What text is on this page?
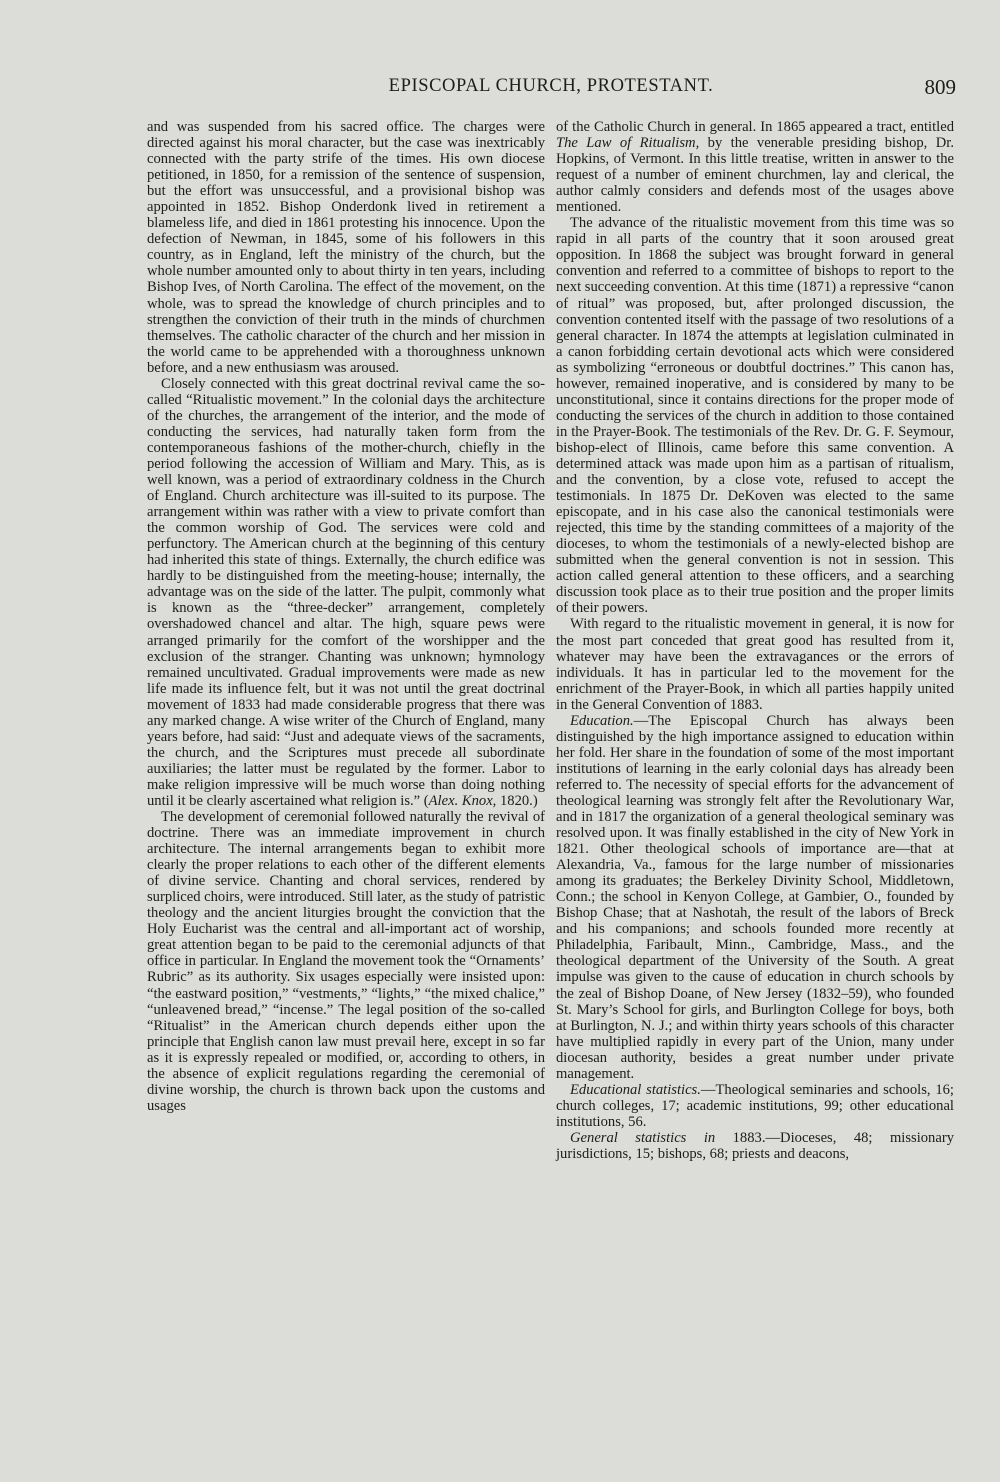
EPISCOPAL CHURCH, PROTESTANT.	809

and was suspended from his sacred office. The charges were directed against his moral character, but the case was inextricably connected with the party strife of the times. His own diocese petitioned, in 1850, for a remission of the sentence of suspension, but the effort was unsuccessful, and a provisional bishop was appointed in 1852. Bishop Onderdonk lived in retirement a blameless life, and died in 1861 protesting his innocence. Upon the defection of Newman, in 1845, some of his followers in this country, as in England, left the ministry of the church, but the whole number amounted only to about thirty in ten years, including Bishop Ives, of North Carolina. The effect of the movement, on the whole, was to spread the knowledge of church principles and to strengthen the conviction of their truth in the minds of churchmen themselves. The catholic character of the church and her mission in the world came to be apprehended with a thoroughness unknown before, and a new enthusiasm was aroused.

Closely connected with this great doctrinal revival came the so-called “Ritualistic movement.” In the colonial days the architecture of the churches, the arrangement of the interior, and the mode of conducting the services, had naturally taken form from the contemporaneous fashions of the mother-church, chiefly in the period following the accession of William and Mary. This, as is well known, was a period of extraordinary coldness in the Church of England. Church architecture was ill-suited to its purpose. The arrangement within was rather with a view to private comfort than the common worship of God. The services were cold and perfunctory. The American church at the beginning of this century had inherited this state of things. Externally, the church edifice was hardly to be distinguished from the meeting-house; internally, the advantage was on the side of the latter. The pulpit, commonly what is known as the “three-decker” arrangement, completely overshadowed chancel and altar. The high, square pews were arranged primarily for the comfort of the worshipper and the exclusion of the stranger. Chanting was unknown; hymnology remained uncultivated. Gradual improvements were made as new life made its influence felt, but it was not until the great doctrinal movement of 1833 had made considerable progress that there was any marked change. A wise writer of the Church of England, many years before, had said: “Just and adequate views of the sacraments, the church, and the Scriptures must precede all subordinate auxiliaries; the latter must be regulated by the former. Labor to make religion impressive will be much worse than doing nothing until it be clearly ascertained what religion is.” (Alex. Knox, 1820.)

The development of ceremonial followed naturally the revival of doctrine. There was an immediate improvement in church architecture. The internal arrangements began to exhibit more clearly the proper relations to each other of the different elements of divine service. Chanting and choral services, rendered by surpliced choirs, were introduced. Still later, as the study of patristic theology and the ancient liturgies brought the conviction that the Holy Eucharist was the central and all-important act of worship, great attention began to be paid to the ceremonial adjuncts of that office in particular. In England the movement took the “Ornaments’ Rubric” as its authority. Six usages especially were insisted upon: “the eastward position,” “vestments,” “lights,” “the mixed chalice,” “unleavened bread,” “incense.” The legal position of the so-called “Ritualist” in the American church depends either upon the principle that English canon law must prevail here, except in so far as it is expressly repealed or modified, or, according to others, in the absence of explicit regulations regarding the ceremonial of divine worship, the church is thrown back upon the customs and usages

of the Catholic Church in general. In 1865 appeared a tract, entitled The Law of Ritualism, by the venerable presiding bishop, Dr. Hopkins, of Vermont. In this little treatise, written in answer to the request of a number of eminent churchmen, lay and clerical, the author calmly considers and defends most of the usages above mentioned.

The advance of the ritualistic movement from this time was so rapid in all parts of the country that it soon aroused great opposition. In 1868 the subject was brought forward in general convention and referred to a committee of bishops to report to the next succeeding convention. At this time (1871) a repressive “canon of ritual” was proposed, but, after prolonged discussion, the convention contented itself with the passage of two resolutions of a general character. In 1874 the attempts at legislation culminated in a canon forbidding certain devotional acts which were considered as symbolizing “erroneous or doubtful doctrines.” This canon has, however, remained inoperative, and is considered by many to be unconstitutional, since it contains directions for the proper mode of conducting the services of the church in addition to those contained in the Prayer-Book. The testimonials of the Rev. Dr. G. F. Seymour, bishop-elect of Illinois, came before this same convention. A determined attack was made upon him as a partisan of ritualism, and the convention, by a close vote, refused to accept the testimonials. In 1875 Dr. DeKoven was elected to the same episcopate, and in his case also the canonical testimonials were rejected, this time by the standing committees of a majority of the dioceses, to whom the testimonials of a newly-elected bishop are submitted when the general convention is not in session. This action called general attention to these officers, and a searching discussion took place as to their true position and the proper limits of their powers.

With regard to the ritualistic movement in general, it is now for the most part conceded that great good has resulted from it, whatever may have been the extravagances or the errors of individuals. It has in particular led to the movement for the enrichment of the Prayer-Book, in which all parties happily united in the General Convention of 1883.

Education.—The Episcopal Church has always been distinguished by the high importance assigned to education within her fold. Her share in the foundation of some of the most important institutions of learning in the early colonial days has already been referred to. The necessity of special efforts for the advancement of theological learning was strongly felt after the Revolutionary War, and in 1817 the organization of a general theological seminary was resolved upon. It was finally established in the city of New York in 1821. Other theological schools of importance are—that at Alexandria, Va., famous for the large number of missionaries among its graduates; the Berkeley Divinity School, Middletown, Conn.; the school in Kenyon College, at Gambier, O., founded by Bishop Chase; that at Nashotah, the result of the labors of Breck and his companions; and schools founded more recently at Philadelphia, Faribault, Minn., Cambridge, Mass., and the theological department of the University of the South. A great impulse was given to the cause of education in church schools by the zeal of Bishop Doane, of New Jersey (1832–59), who founded St. Mary’s School for girls, and Burlington College for boys, both at Burlington, N. J.; and within thirty years schools of this character have multiplied rapidly in every part of the Union, many under diocesan authority, besides a great number under private management.

Educational statistics.—Theological seminaries and schools, 16; church colleges, 17; academic institutions, 99; other educational institutions, 56.

General statistics in 1883.—Dioceses, 48; missionary jurisdictions, 15; bishops, 68; priests and deacons,
